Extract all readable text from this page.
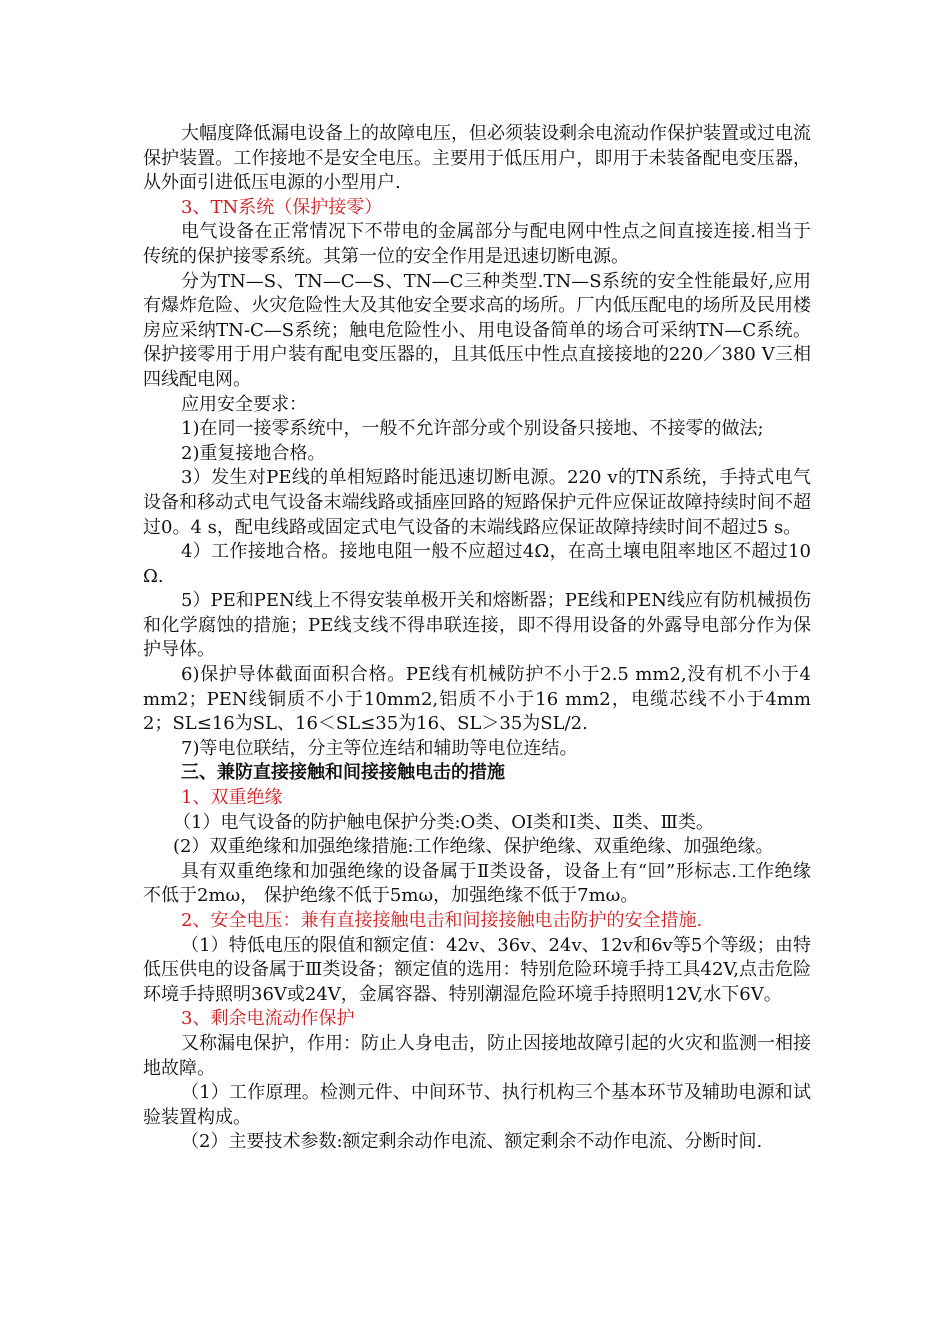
大幅度降低漏电设备上的故障电压，但必须装设剩余电流动作保护装置或过电流保护装置。工作接地不是安全电压。主要用于低压用户，即用于未装备配电变压器，从外面引进低压电源的小型用户.

3、TN系统（保护接零）

电气设备在正常情况下不带电的金属部分与配电网中性点之间直接连接.相当于传统的保护接零系统。其第一位的安全作用是迅速切断电源。

分为TN—S、TN—C—S、TN—C三种类型.TN—S系统的安全性能最好,应用有爆炸危险、火灾危险性大及其他安全要求高的场所。厂内低压配电的场所及民用楼房应采纳TN-C—S系统；触电危险性小、用电设备简单的场合可采纳TN—C系统。保护接零用于用户装有配电变压器的，且其低压中性点直接接地的220／380 V三相四线配电网。

应用安全要求：

1)在同一接零系统中，一般不允许部分或个别设备只接地、不接零的做法;

2)重复接地合格。

3）发生对PE线的单相短路时能迅速切断电源。220 v的TN系统，手持式电气设备和移动式电气设备末端线路或插座回路的短路保护元件应保证故障持续时间不超过0。4 s，配电线路或固定式电气设备的末端线路应保证故障持续时间不超过5 s。

4）工作接地合格。接地电阻一般不应超过4Ω，在高土壤电阻率地区不超过10Ω.

5）PE和PEN线上不得安装单极开关和熔断器；PE线和PEN线应有防机械损伤和化学腐蚀的措施；PE线支线不得串联连接，即不得用设备的外露导电部分作为保护导体。

6)保护导体截面面积合格。PE线有机械防护不小于2.5 mm2,没有机不小于4 mm2；PEN线铜质不小于10mm2,铝质不小于16 mm2，电缆芯线不小于4mm2；SL≤16为SL、16＜SL≤35为16、SL＞35为SL/2.

7)等电位联结，分主等位连结和辅助等电位连结。

三、兼防直接接触和间接接触电击的措施

1、双重绝缘

（1）电气设备的防护触电保护分类:O类、OI类和Ⅰ类、Ⅱ类、Ⅲ类。

(2）双重绝缘和加强绝缘措施:工作绝缘、保护绝缘、双重绝缘、加强绝缘。

具有双重绝缘和加强绝缘的设备属于Ⅱ类设备，设备上有“回”形标志.工作绝缘不低于2mω， 保护绝缘不低于5mω，加强绝缘不低于7mω。

2、安全电压：兼有直接接触电击和间接接触电击防护的安全措施.

（1）特低电压的限值和额定值：42v、36v、24v、12v和6v等5个等级；由特低压供电的设备属于Ⅲ类设备；额定值的选用：特别危险环境手持工具42V,点击危险环境手持照明36V或24V，金属容器、特别潮湿危险环境手持照明12V,水下6V。

3、剩余电流动作保护

又称漏电保护，作用：防止人身电击，防止因接地故障引起的火灾和监测一相接地故障。

（1）工作原理。检测元件、中间环节、执行机构三个基本环节及辅助电源和试验装置构成。

（2）主要技术参数:额定剩余动作电流、额定剩余不动作电流、分断时间.
